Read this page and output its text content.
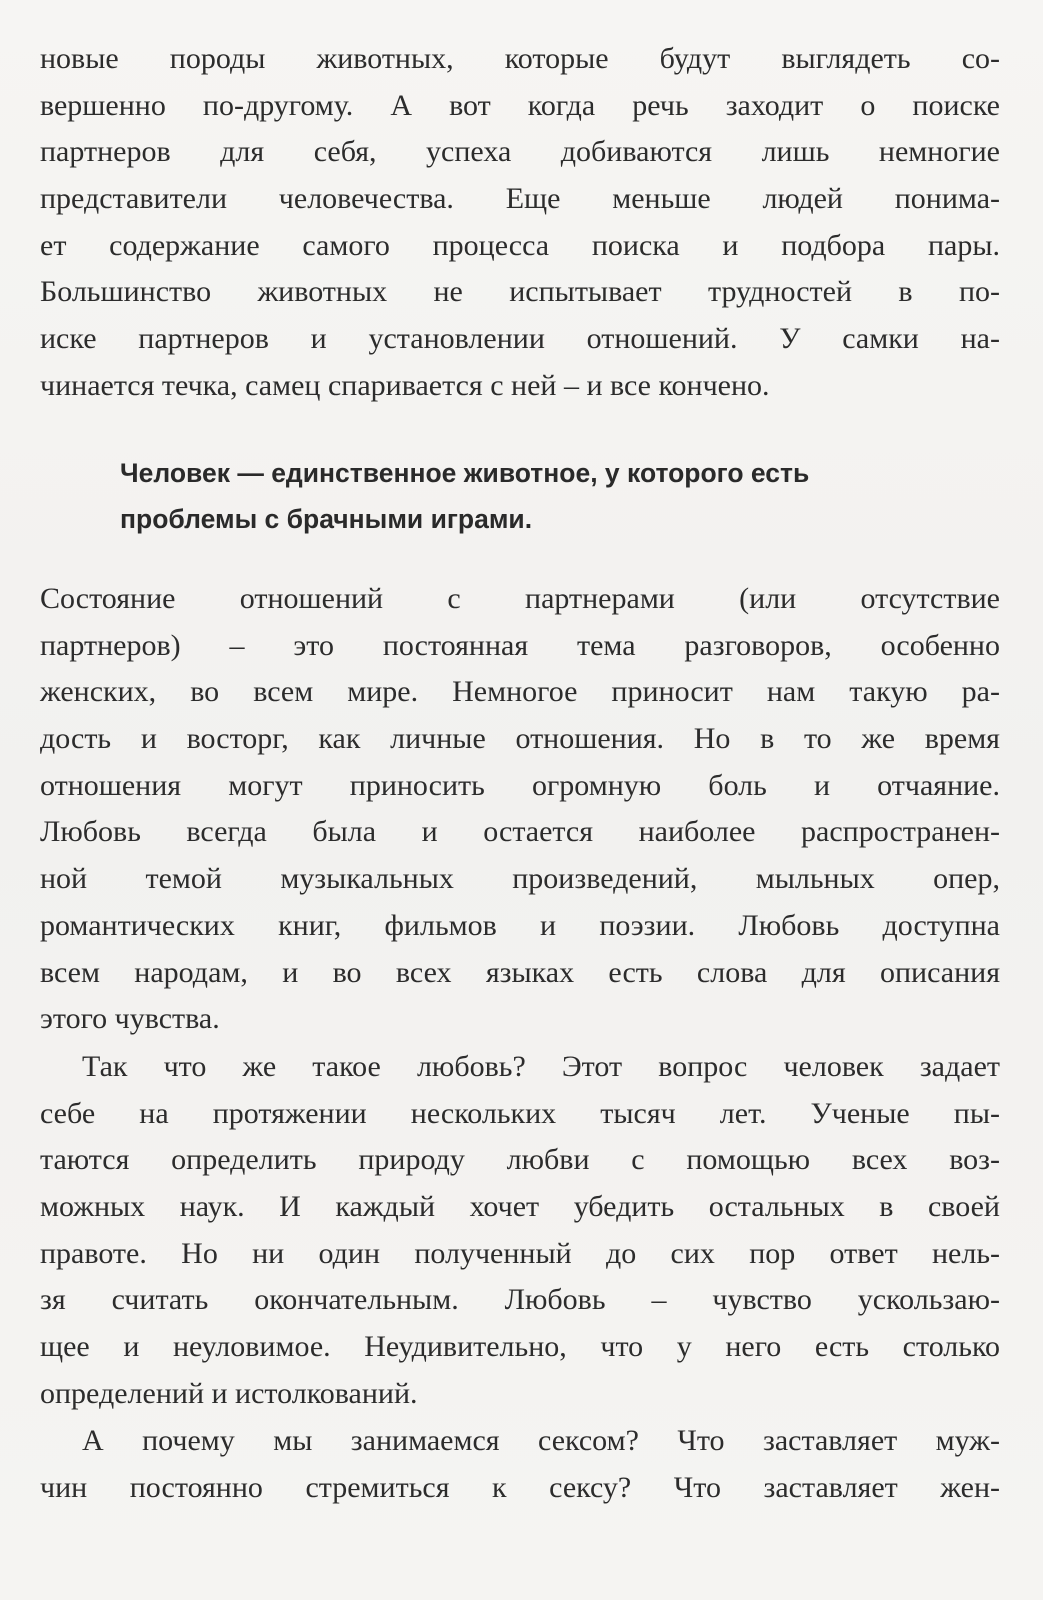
новые породы животных, которые будут выглядеть со-
вершенно по-другому. А вот когда речь заходит о поиске
партнеров для себя, успеха добиваются лишь немногие
представители человечества. Еще меньше людей понима-
ет содержание самого процесса поиска и подбора пары.
Большинство животных не испытывает трудностей в по-
иске партнеров и установлении отношений. У самки на-
чинается течка, самец спаривается с ней – и все кончено.
Человек — единственное животное, у которого есть
проблемы с брачными играми.
Состояние отношений с партнерами (или отсутствие
партнеров) – это постоянная тема разговоров, особенно
женских, во всем мире. Немногое приносит нам такую ра-
дость и восторг, как личные отношения. Но в то же время
отношения могут приносить огромную боль и отчаяние.
Любовь всегда была и остается наиболее распространен-
ной темой музыкальных произведений, мыльных опер,
романтических книг, фильмов и поэзии. Любовь доступна
всем народам, и во всех языках есть слова для описания
этого чувства.
Так что же такое любовь? Этот вопрос человек задает
себе на протяжении нескольких тысяч лет. Ученые пы-
таются определить природу любви с помощью всех воз-
можных наук. И каждый хочет убедить остальных в своей
правоте. Но ни один полученный до сих пор ответ нель-
зя считать окончательным. Любовь – чувство ускользаю-
щее и неуловимое. Неудивительно, что у него есть столько
определений и истолкований.
А почему мы занимаемся сексом? Что заставляет муж-
чин постоянно стремиться к сексу? Что заставляет жен-
